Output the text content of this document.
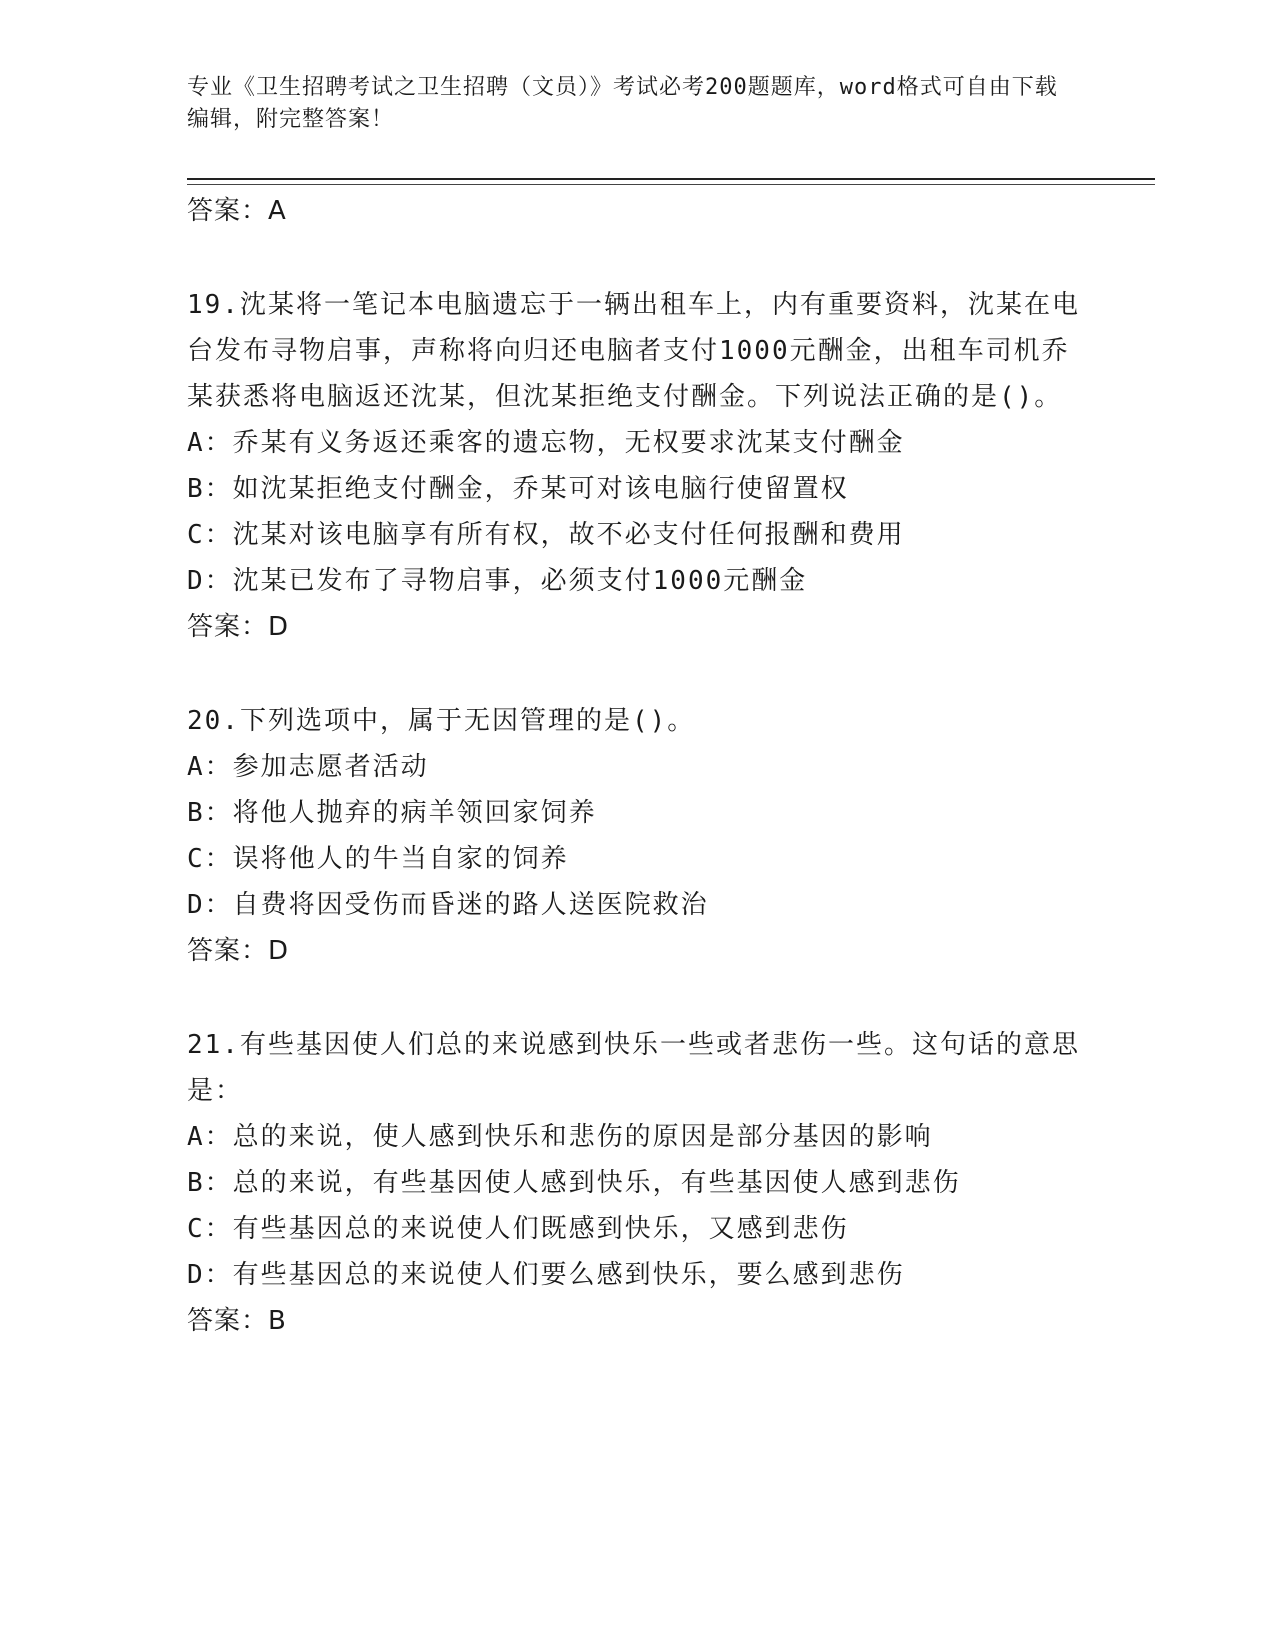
专业《卫生招聘考试之卫生招聘（文员）》考试必考200题题库，word格式可自由下载编辑，附完整答案！
答案：A
19.沈某将一笔记本电脑遗忘于一辆出租车上，内有重要资料，沈某在电台发布寻物启事，声称将向归还电脑者支付1000元酬金，出租车司机乔某获悉将电脑返还沈某，但沈某拒绝支付酬金。下列说法正确的是()。
A：乔某有义务返还乘客的遗忘物，无权要求沈某支付酬金
B：如沈某拒绝支付酬金，乔某可对该电脑行使留置权
C：沈某对该电脑享有所有权，故不必支付任何报酬和费用
D：沈某已发布了寻物启事，必须支付1000元酬金
答案：D
20.下列选项中，属于无因管理的是()。
A：参加志愿者活动
B：将他人抛弃的病羊领回家饲养
C：误将他人的牛当自家的饲养
D：自费将因受伤而昏迷的路人送医院救治
答案：D
21.有些基因使人们总的来说感到快乐一些或者悲伤一些。这句话的意思是：
A：总的来说，使人感到快乐和悲伤的原因是部分基因的影响
B：总的来说，有些基因使人感到快乐，有些基因使人感到悲伤
C：有些基因总的来说使人们既感到快乐，又感到悲伤
D：有些基因总的来说使人们要么感到快乐，要么感到悲伤
答案：B
